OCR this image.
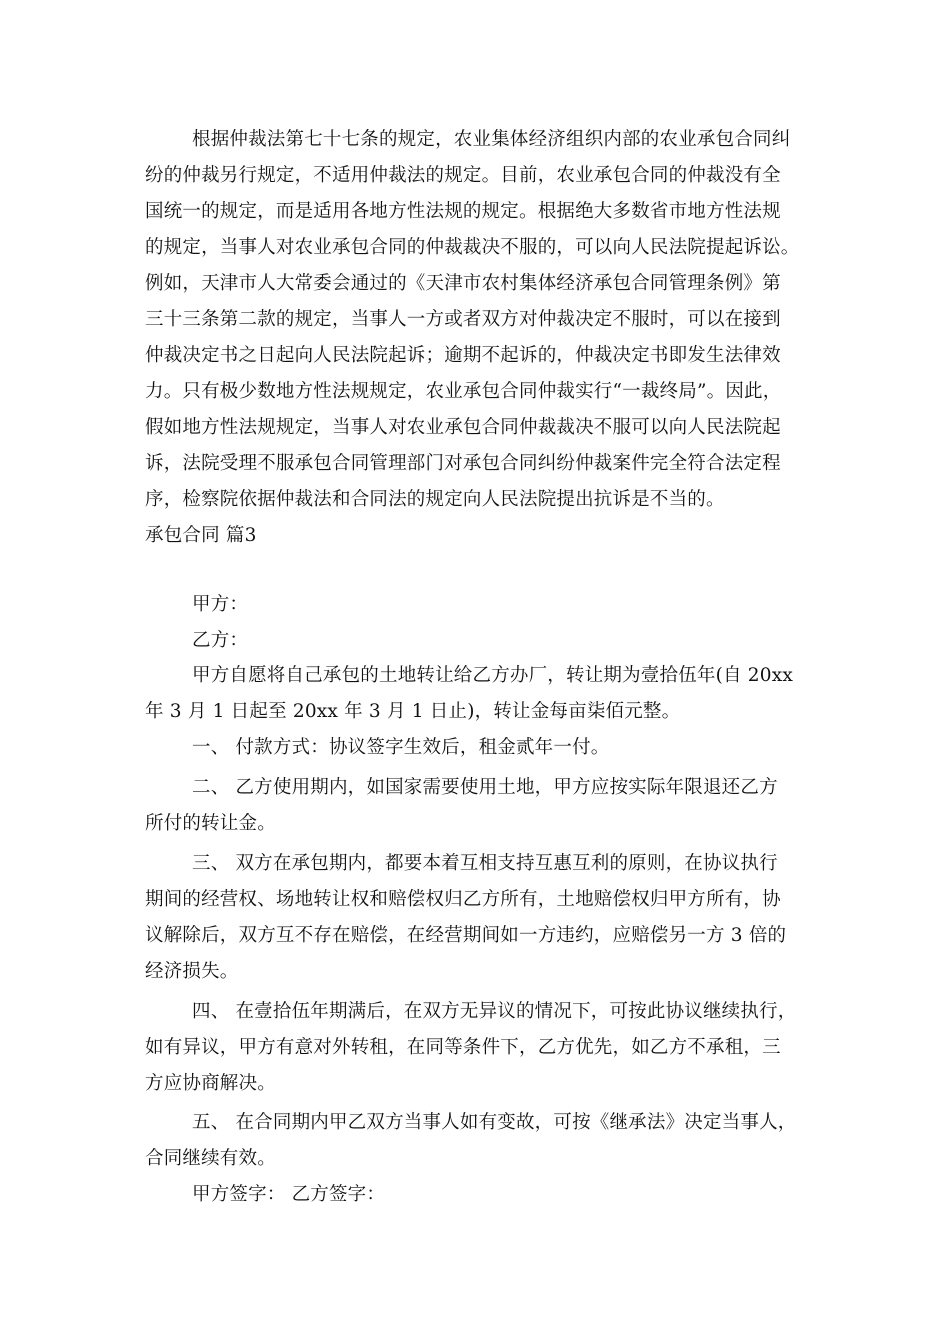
根据仲裁法第七十七条的规定，农业集体经济组织内部的农业承包合同纠
纷的仲裁另行规定，不适用仲裁法的规定。目前，农业承包合同的仲裁没有全
国统一的规定，而是适用各地方性法规的规定。根据绝大多数省市地方性法规
的规定，当事人对农业承包合同的仲裁裁决不服的，可以向人民法院提起诉讼。
例如，天津市人大常委会通过的《天津市农村集体经济承包合同管理条例》第
三十三条第二款的规定，当事人一方或者双方对仲裁决定不服时，可以在接到
仲裁决定书之日起向人民法院起诉；逾期不起诉的，仲裁决定书即发生法律效
力。只有极少数地方性法规规定，农业承包合同仲裁实行“一裁终局”。因此，
假如地方性法规规定，当事人对农业承包合同仲裁裁决不服可以向人民法院起
诉，法院受理不服承包合同管理部门对承包合同纠纷仲裁案件完全符合法定程
序，检察院依据仲裁法和合同法的规定向人民法院提出抗诉是不当的。
承包合同 篇3
甲方：
乙方：
甲方自愿将自己承包的土地转让给乙方办厂，转让期为壹拾伍年(自 20xx
年 3 月 1 日起至 20xx 年 3 月 1 日止)，转让金每亩柒佰元整。
一、 付款方式：协议签字生效后，租金贰年一付。
二、 乙方使用期内，如国家需要使用土地，甲方应按实际年限退还乙方
所付的转让金。
三、 双方在承包期内，都要本着互相支持互惠互利的原则，在协议执行
期间的经营权、场地转让权和赔偿权归乙方所有，土地赔偿权归甲方所有，协
议解除后，双方互不存在赔偿，在经营期间如一方违约，应赔偿另一方 3 倍的
经济损失。
四、 在壹拾伍年期满后，在双方无异议的情况下，可按此协议继续执行，
如有异议，甲方有意对外转租，在同等条件下，乙方优先，如乙方不承租，三
方应协商解决。
五、 在合同期内甲乙双方当事人如有变故，可按《继承法》决定当事人，
合同继续有效。
甲方签字： 乙方签字：
